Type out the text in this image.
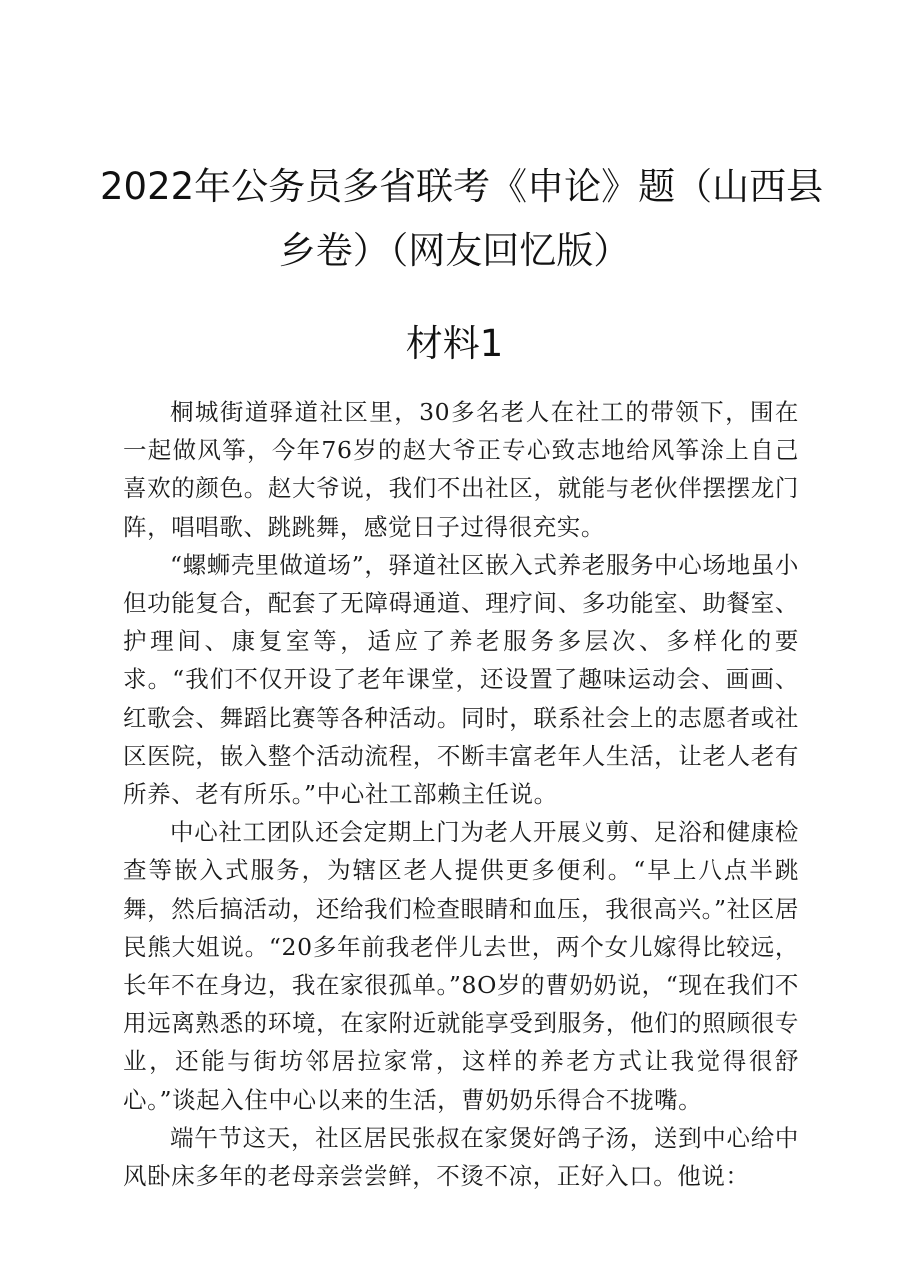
2022年公务员多省联考《申论》题（山西县
乡卷）（网友回忆版）
材料1

桐城街道驿道社区里，30多名老人在社工的带领下，围在一起做风筝，今年76岁的赵大爷正专心致志地给风筝涂上自己喜欢的颜色。赵大爷说，我们不出社区，就能与老伙伴摆摆龙门阵，唱唱歌、跳跳舞，感觉日子过得很充实。

“螺蛳壳里做道场”，驿道社区嵌入式养老服务中心场地虽小但功能复合，配套了无障碍通道、理疗间、多功能室、助餐室、护理间、康复室等，适应了养老服务多层次、多样化的要求。“我们不仅开设了老年课堂，还设置了趣味运动会、画画、红歌会、舞蹈比赛等各种活动。同时，联系社会上的志愿者或社区医院，嵌入整个活动流程，不断丰富老年人生活，让老人老有所养、老有所乐。”中心社工部赖主任说。

中心社工团队还会定期上门为老人开展义剪、足浴和健康检查等嵌入式服务，为辖区老人提供更多便利。“早上八点半跳舞，然后搞活动，还给我们检查眼睛和血压，我很高兴。”社区居民熊大姐说。“20多年前我老伴儿去世，两个女儿嫁得比较远，长年不在身边，我在家很孤单。”8O岁的曹奶奶说，“现在我们不用远离熟悉的环境，在家附近就能享受到服务，他们的照顾很专业，还能与街坊邻居拉家常，这样的养老方式让我觉得很舒心。”谈起入住中心以来的生活，曹奶奶乐得合不拢嘴。

端午节这天，社区居民张叔在家煲好鸽子汤，送到中心给中风卧床多年的老母亲尝尝鲜，不烫不凉，正好入口。他说：
